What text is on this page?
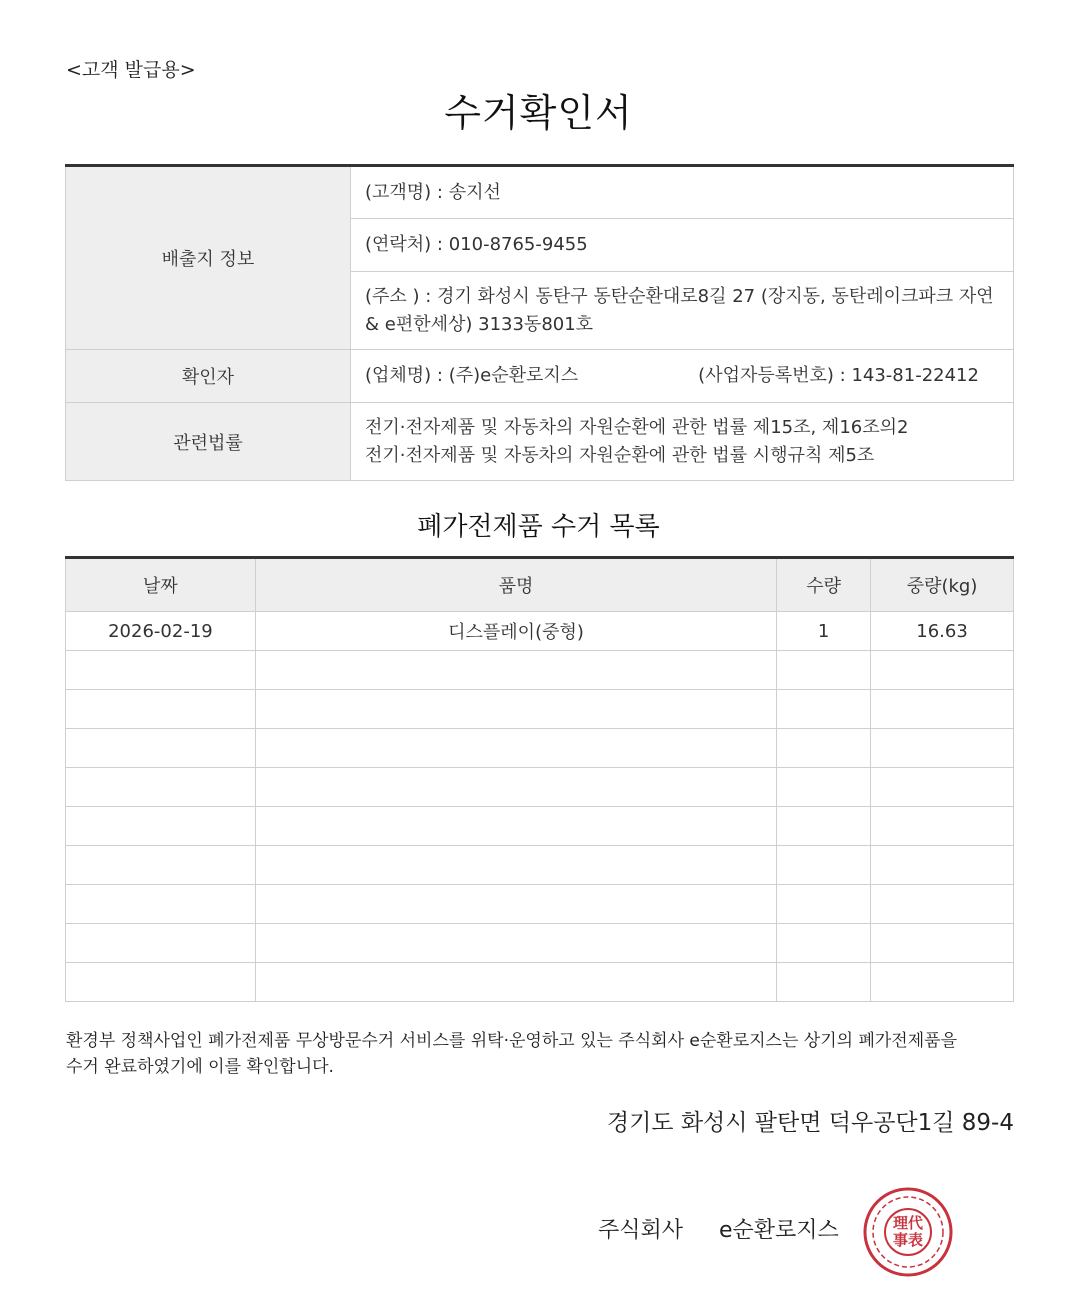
<고객 발급용>
수거확인서
배출지 정보	(고객명) : 송지선
	(연락처) : 010-8765-9455

	(주소 ) : 경기 화성시 동탄구 동탄순환대로8길 27 (장지동, 동탄레이크파크 자연
& e편한세상) 3133동801호

확인자	(업체명) : (주)e순환로지스 (사업자등록번호) : 143-81-22412
관련법률	전기·전자제품 및 자동차의 자원순환에 관한 법률 제15조, 제16조의2
전기·전자제품 및 자동차의 자원순환에 관한 법률 시행규칙 제5조
폐가전제품 수거 목록
날짜	품명	수량	중량(kg)
2026-02-19	디스플레이(중형)	1	16.63

환경부 정책사업인 폐가전제품 무상방문수거 서비스를 위탁·운영하고 있는 주식회사 e순환로지스는 상기의 폐가전제품을
수거 완료하였기에 이를 확인합니다.
경기도 화성시 팔탄면 덕우공단1길 89-4
주식회사 e순환로지스	理代
事表
